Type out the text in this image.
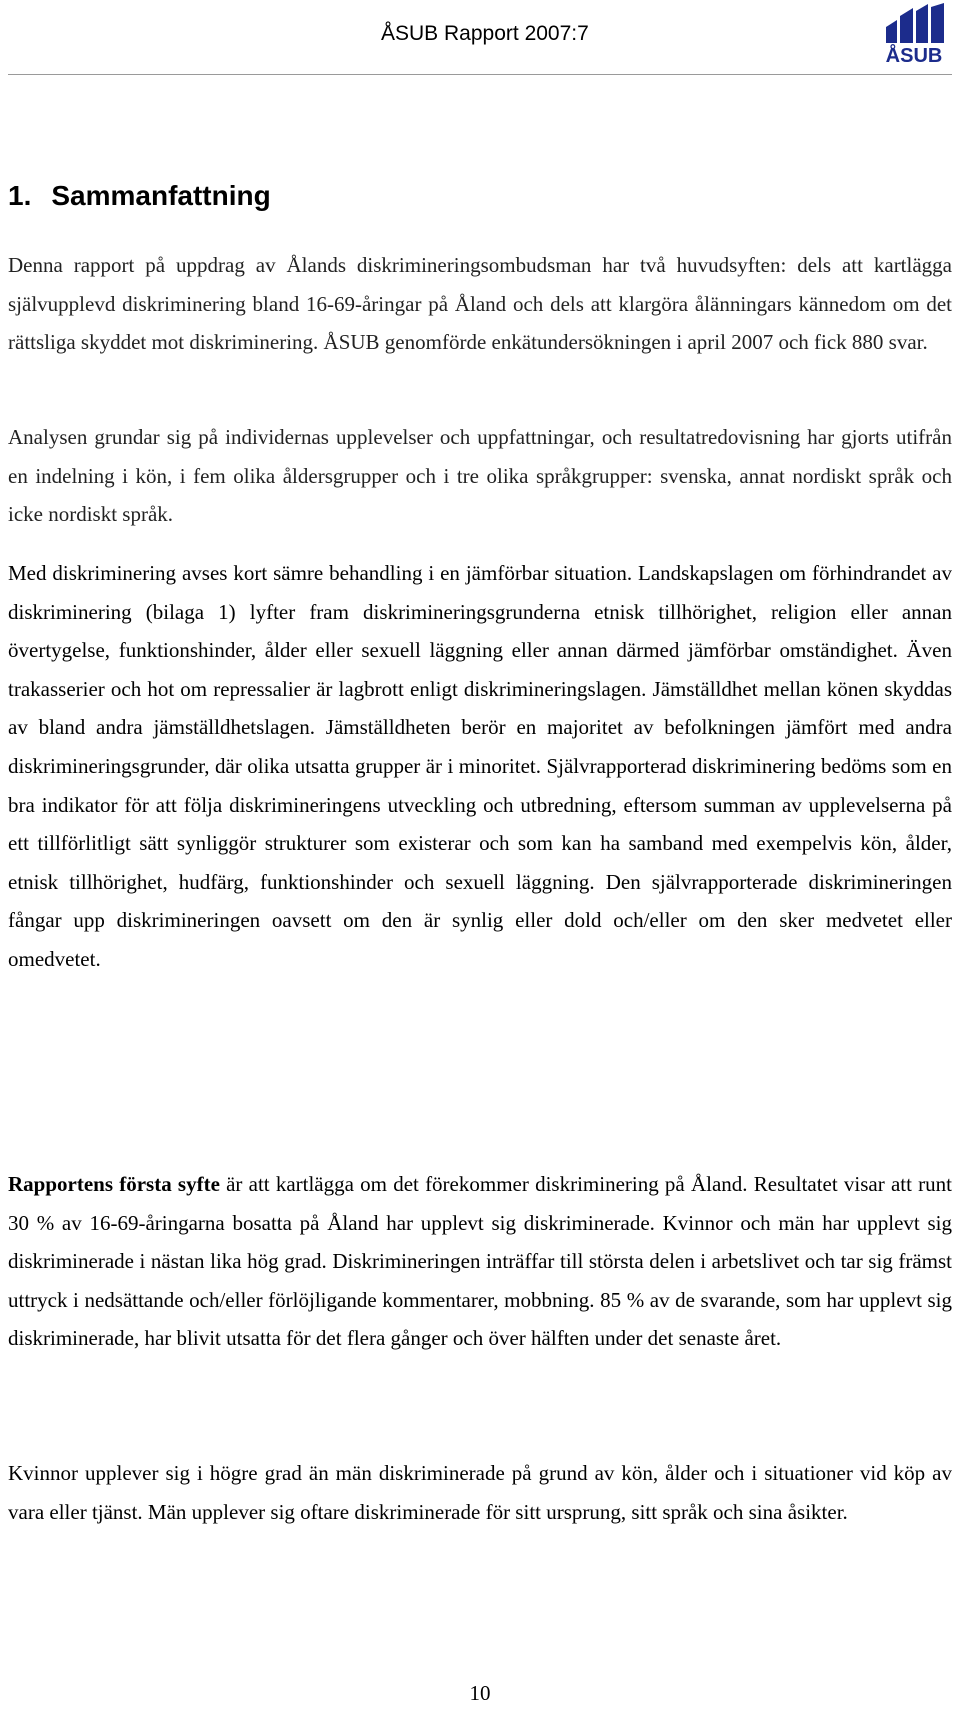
ÅSUB Rapport 2007:7
ÅSUB
1. Sammanfattning

Denna rapport på uppdrag av Ålands diskrimineringsombudsman har två huvudsyften: dels att kartlägga självupplevd diskriminering bland 16-69-åringar på Åland och dels att klargöra ålänningars kännedom om det rättsliga skyddet mot diskriminering. ÅSUB genomförde enkätundersökningen i april 2007 och fick 880 svar.

Analysen grundar sig på individernas upplevelser och uppfattningar, och resultatredovisning har gjorts utifrån en indelning i kön, i fem olika åldersgrupper och i tre olika språkgrupper: svenska, annat nordiskt språk och icke nordiskt språk.

Med diskriminering avses kort sämre behandling i en jämförbar situation. Landskapslagen om förhindrandet av diskriminering (bilaga 1) lyfter fram diskrimineringsgrunderna etnisk tillhörighet, religion eller annan övertygelse, funktionshinder, ålder eller sexuell läggning eller annan därmed jämförbar omständighet. Även trakasserier och hot om repressalier är lagbrott enligt diskrimineringslagen. Jämställdhet mellan könen skyddas av bland andra jämställdhetslagen. Jämställdheten berör en majoritet av befolkningen jämfört med andra diskrimineringsgrunder, där olika utsatta grupper är i minoritet. Självrapporterad diskriminering bedöms som en bra indikator för att följa diskrimineringens utveckling och utbredning, eftersom summan av upplevelserna på ett tillförlitligt sätt synliggör strukturer som existerar och som kan ha samband med exempelvis kön, ålder, etnisk tillhörighet, hudfärg, funktionshinder och sexuell läggning. Den självrapporterade diskrimineringen fångar upp diskrimineringen oavsett om den är synlig eller dold och/eller om den sker medvetet eller omedvetet.

Rapportens första syfte är att kartlägga om det förekommer diskriminering på Åland. Resultatet visar att runt 30 % av 16-69-åringarna bosatta på Åland har upplevt sig diskriminerade. Kvinnor och män har upplevt sig diskriminerade i nästan lika hög grad. Diskrimineringen inträffar till största delen i arbetslivet och tar sig främst uttryck i nedsättande och/eller förlöjligande kommentarer, mobbning. 85 % av de svarande, som har upplevt sig diskriminerade, har blivit utsatta för det flera gånger och över hälften under det senaste året.

Kvinnor upplever sig i högre grad än män diskriminerade på grund av kön, ålder och i situationer vid köp av vara eller tjänst. Män upplever sig oftare diskriminerade för sitt ursprung, sitt språk och sina åsikter.

10
